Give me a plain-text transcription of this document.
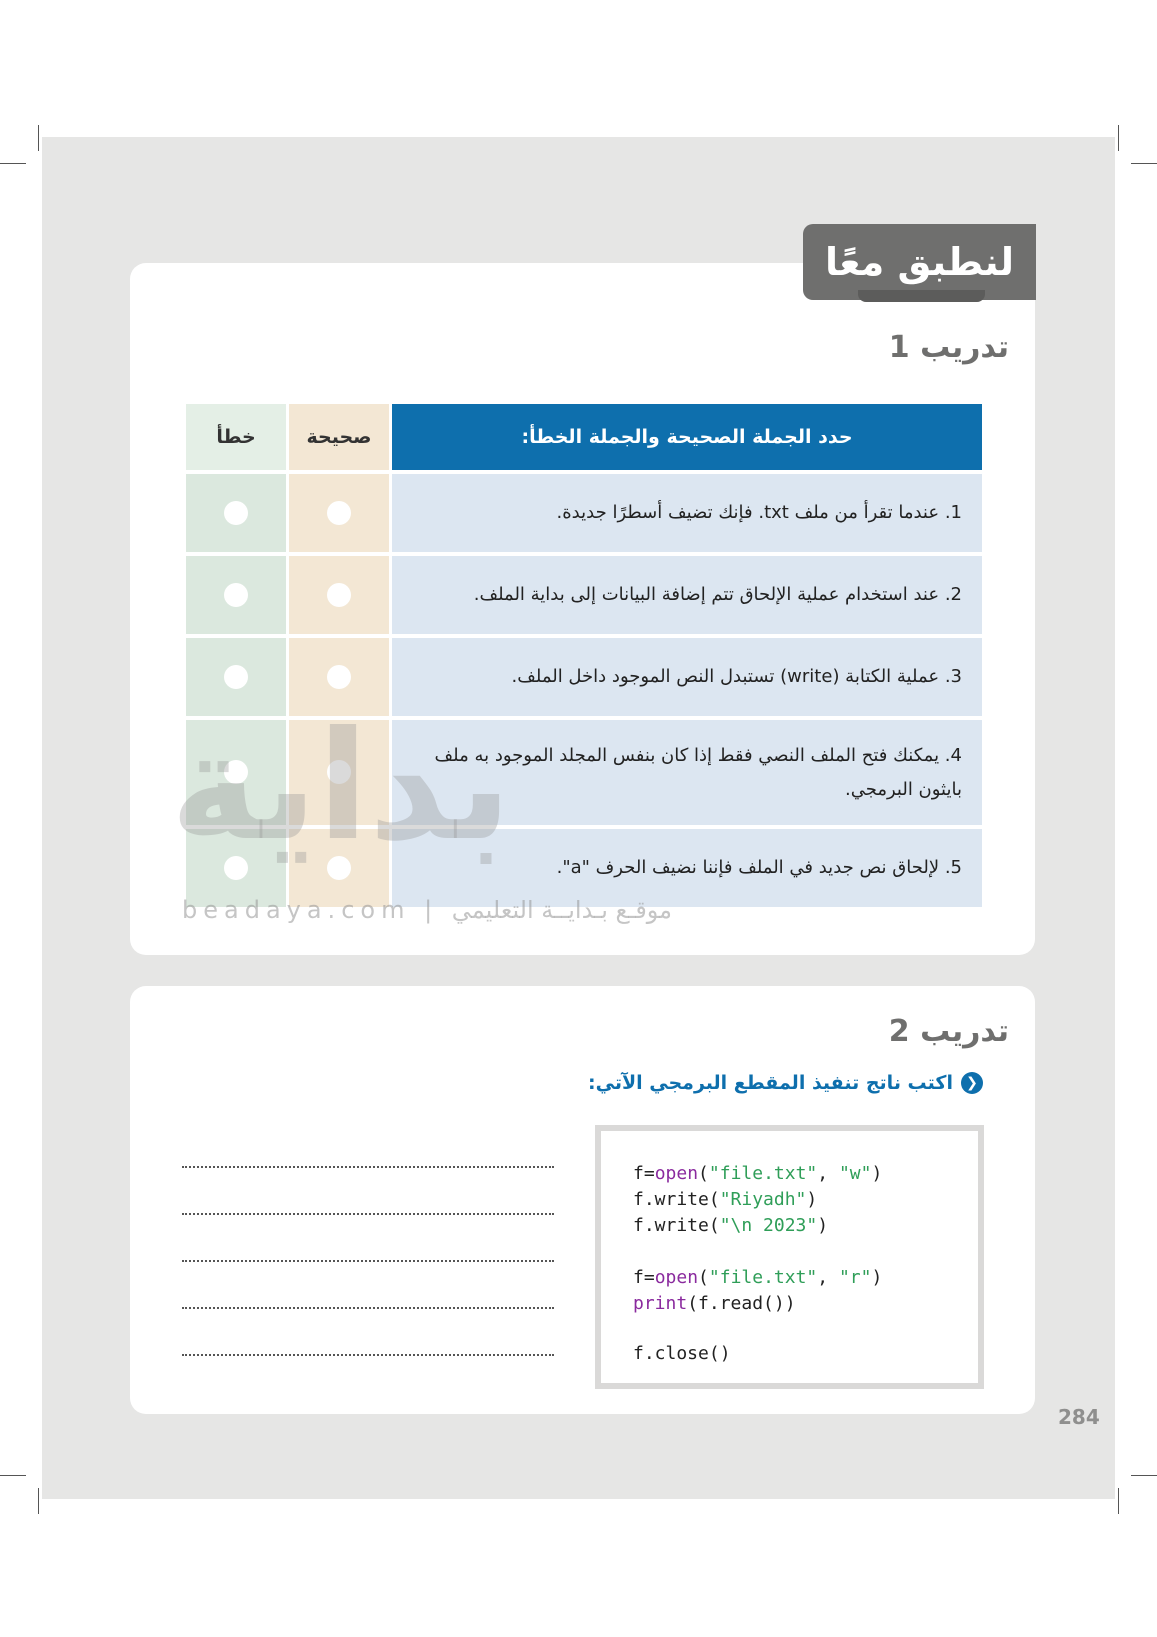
لنطبق معًا
تدريب 1
حدد الجملة الصحيحة والجملة الخطأ:
صحيحة
خطأ
1. عندما تقرأ من ملف txt. فإنك تضيف أسطرًا جديدة.
2. عند استخدام عملية الإلحاق تتم إضافة البيانات إلى بداية الملف.
3. عملية الكتابة (write) تستبدل النص الموجود داخل الملف.
4. يمكنك فتح الملف النصي فقط إذا كان بنفس المجلد الموجود به ملف بايثون البرمجي.
5. لإلحاق نص جديد في الملف فإننا نضيف الحرف "a".
بداية
beadaya.com | موقـع بـدايــة التعليمي
تدريب 2
❮
اكتب ناتج تنفيذ المقطع البرمجي الآتي:
f=open("file.txt", "w")
f.write("Riyadh")
f.write("\n 2023")
f=open("file.txt", "r")
print(f.read())
f.close()
284
